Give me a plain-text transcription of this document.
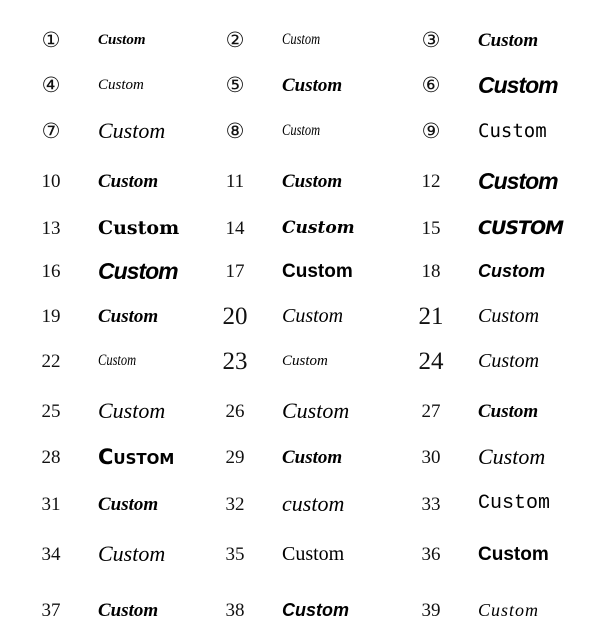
①	Custom	② Custom	③ Custom
④	Custom	⑤ Custom	⑥ Custom
⑦ Custom	⑧ Custom	⑨ Custom
10 Custom	11 Custom	12 Custom
13 Custom 14 Custom	15 CUSTOM
16 Custom	17 Custom	18 Custom
19 Custom	20 Custom	21 Custom
22 Custom	23 Custom	24 Custom
25 Custom	26 Custom	27 Custom
28 Custom	29 Custom	30 Custom
31 Custom	32 custom	33 Custom
34 Custom	35 Custom	36 Custom
37 Custom	38 Custom	39 Custom
